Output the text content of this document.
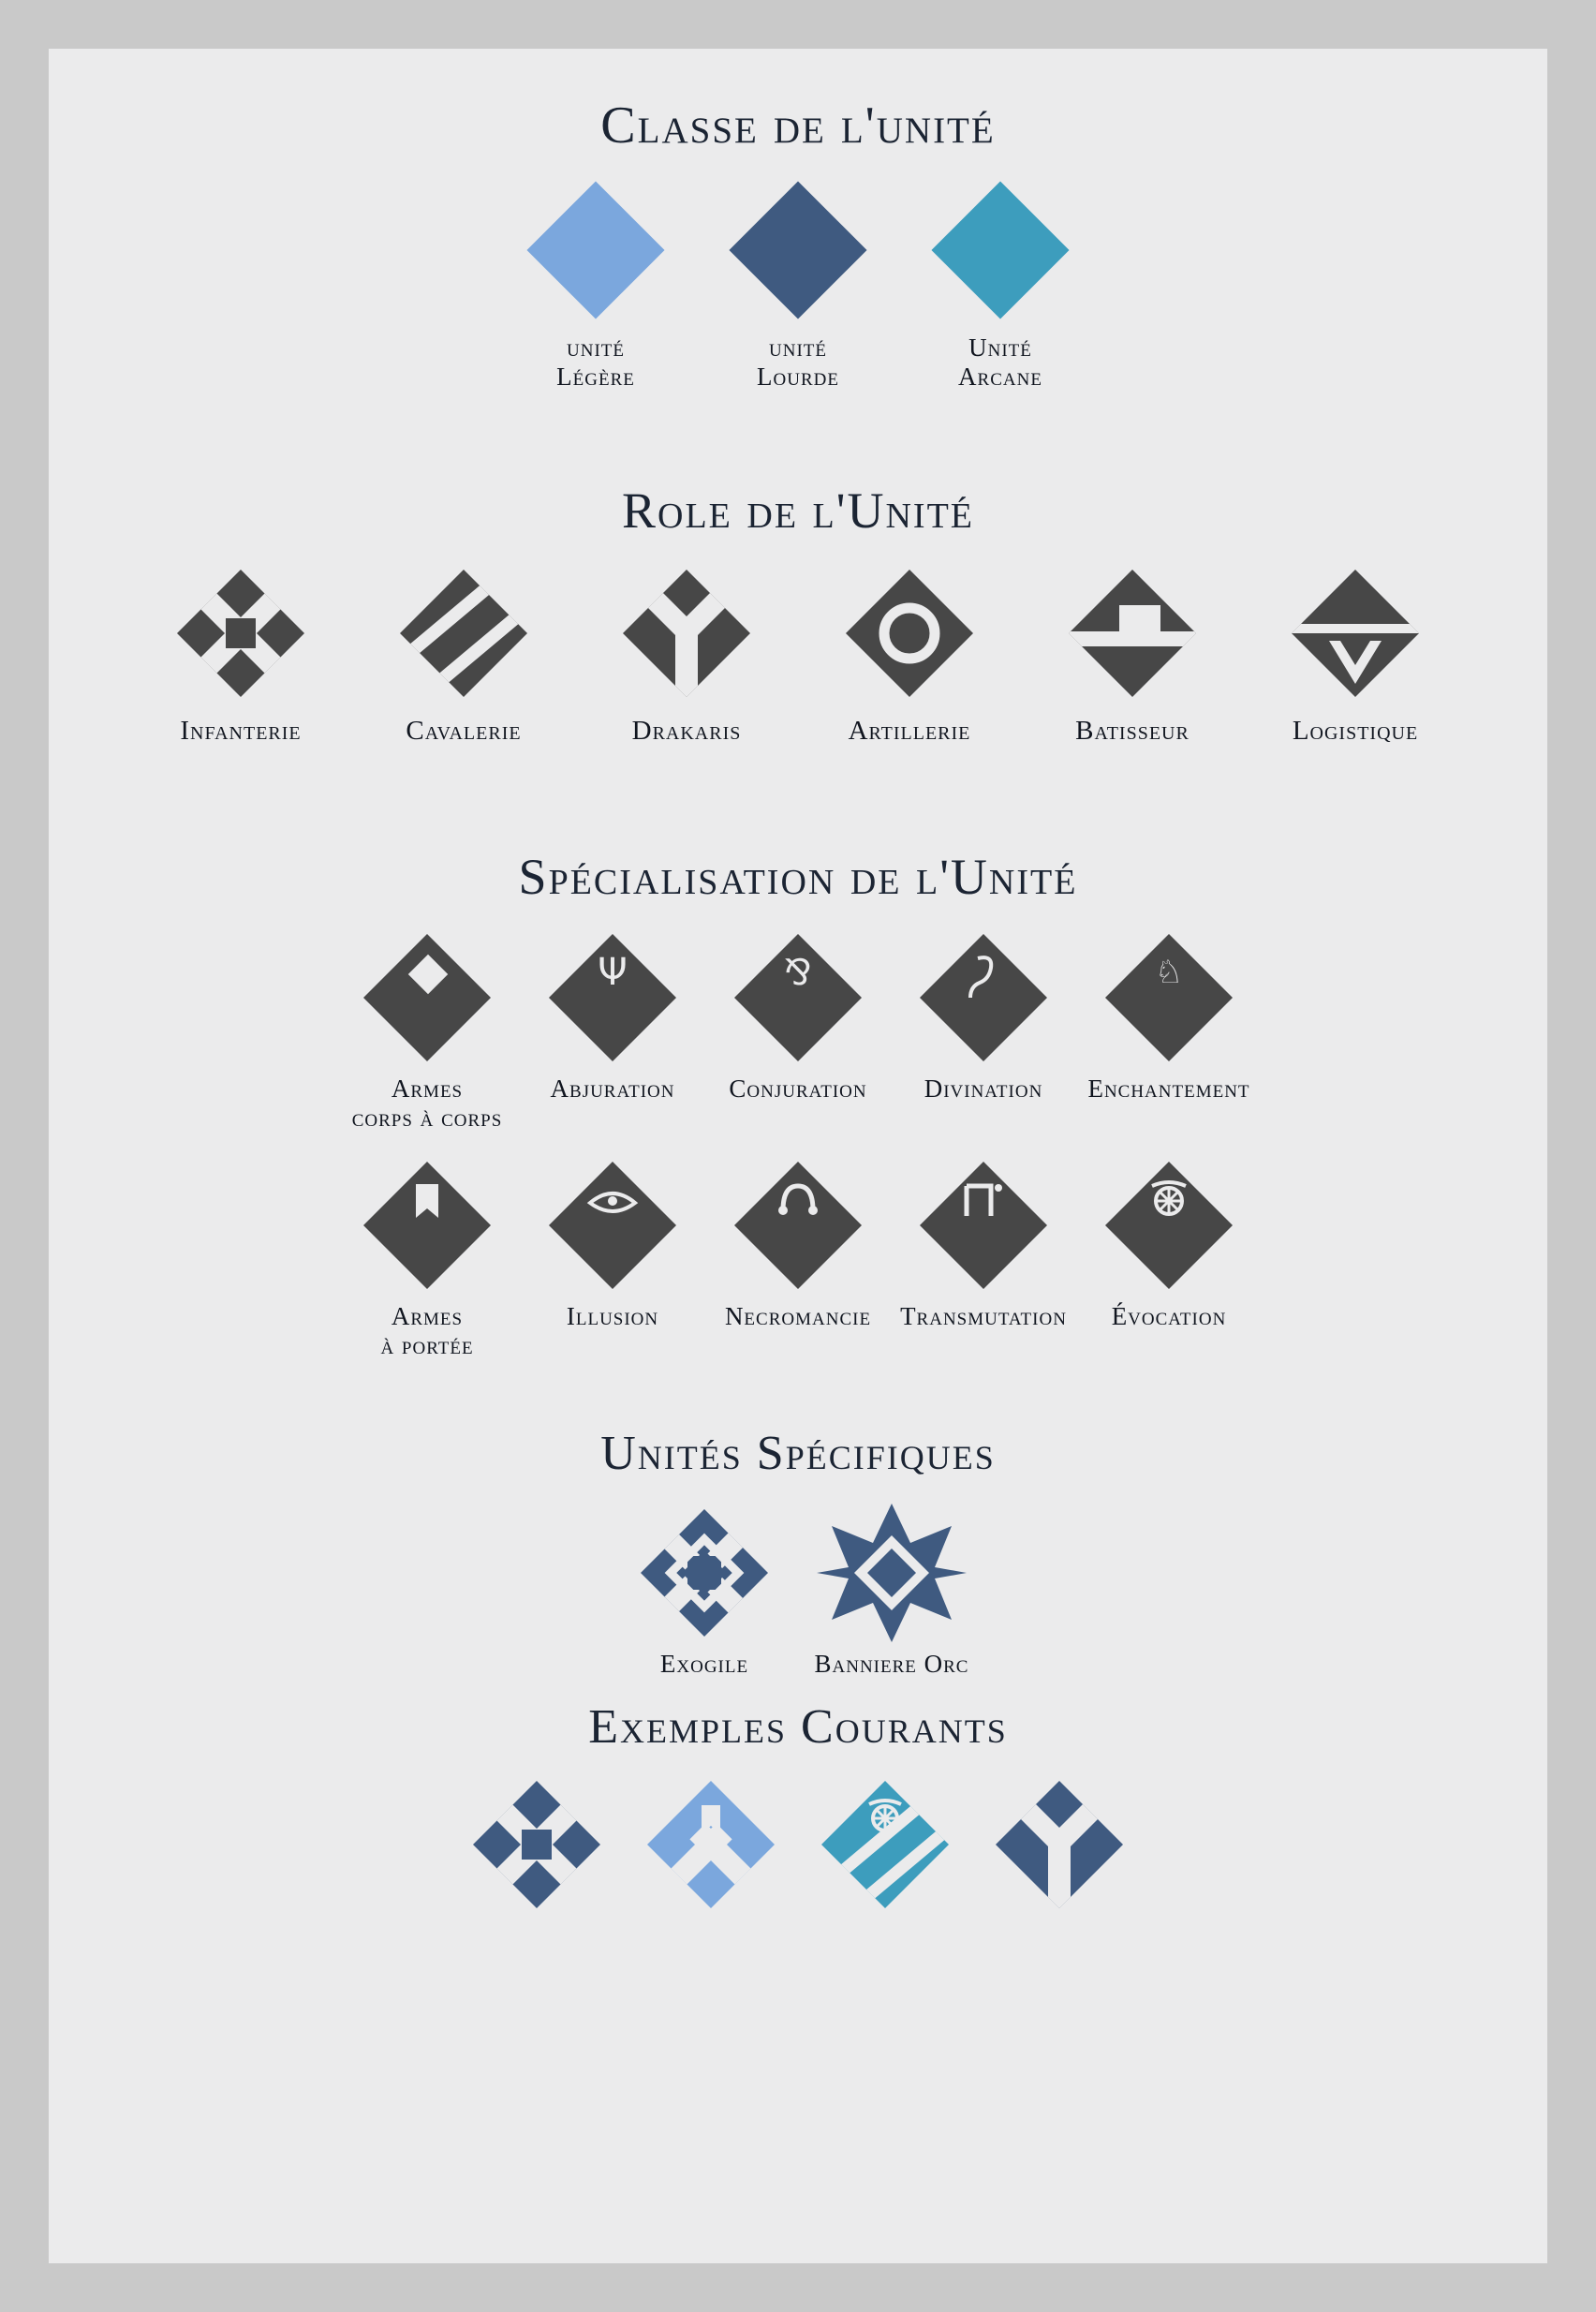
Classe de l'unité
unité
Légère
unité
Lourde
Unité
Arcane
Role de l'Unité
Infanterie	Cavalerie	Drakaris	Artillerie	Batisseur	Logistique
Spécialisation de l'Unité
Armes
corps à corps
Ψ
Abjuration
⅋
Conjuration Divination
♘
Enchantement
Armes
à portée
Illusion	Necromancie Transmutation Évocation
Unités Spécifiques
Exogile	Banniere Orc
Exemples Courants
